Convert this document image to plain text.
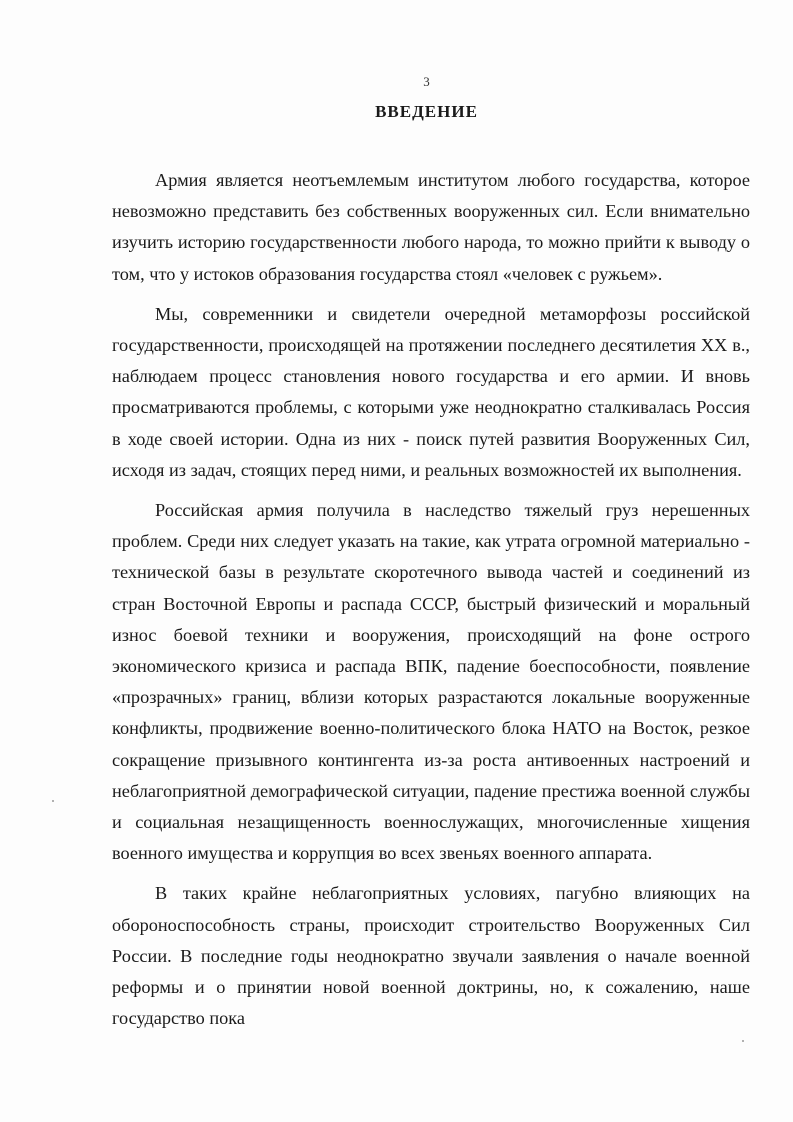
3
ВВЕДЕНИЕ

Армия является неотъемлемым институтом любого государства, которое невозможно представить без собственных вооруженных сил. Если внимательно изучить историю государственности любого народа, то можно прийти к выводу о том, что у истоков образования государства стоял «человек с ружьем».

Мы, современники и свидетели очередной метаморфозы российской государственности, происходящей на протяжении последнего десятилетия XX в., наблюдаем процесс становления нового государства и его армии. И вновь просматриваются проблемы, с которыми уже неоднократно сталкивалась Россия в ходе своей истории. Одна из них - поиск путей развития Вооруженных Сил, исходя из задач, стоящих перед ними, и реальных возможностей их выполнения.

Российская армия получила в наследство тяжелый груз нерешенных проблем. Среди них следует указать на такие, как утрата огромной материально - технической базы в результате скоротечного вывода частей и соединений из стран Восточной Европы и распада СССР, быстрый физический и моральный износ боевой техники и вооружения, происходящий на фоне острого экономического кризиса и распада ВПК, падение боеспособности, появление «прозрачных» границ, вблизи которых разрастаются локальные вооруженные конфликты, продвижение военно-политического блока НАТО на Восток, резкое сокращение призывного контингента из-за роста антивоенных настроений и неблагоприятной демографической ситуации, падение престижа военной службы и социальная незащищенность военнослужащих, многочисленные хищения военного имущества и коррупция во всех звеньях военного аппарата.

В таких крайне неблагоприятных условиях, пагубно влияющих на обороноспособность страны, происходит строительство Вооруженных Сил России. В последние годы неоднократно звучали заявления о начале военной реформы и о принятии новой военной доктрины, но, к сожалению, наше государство пока
